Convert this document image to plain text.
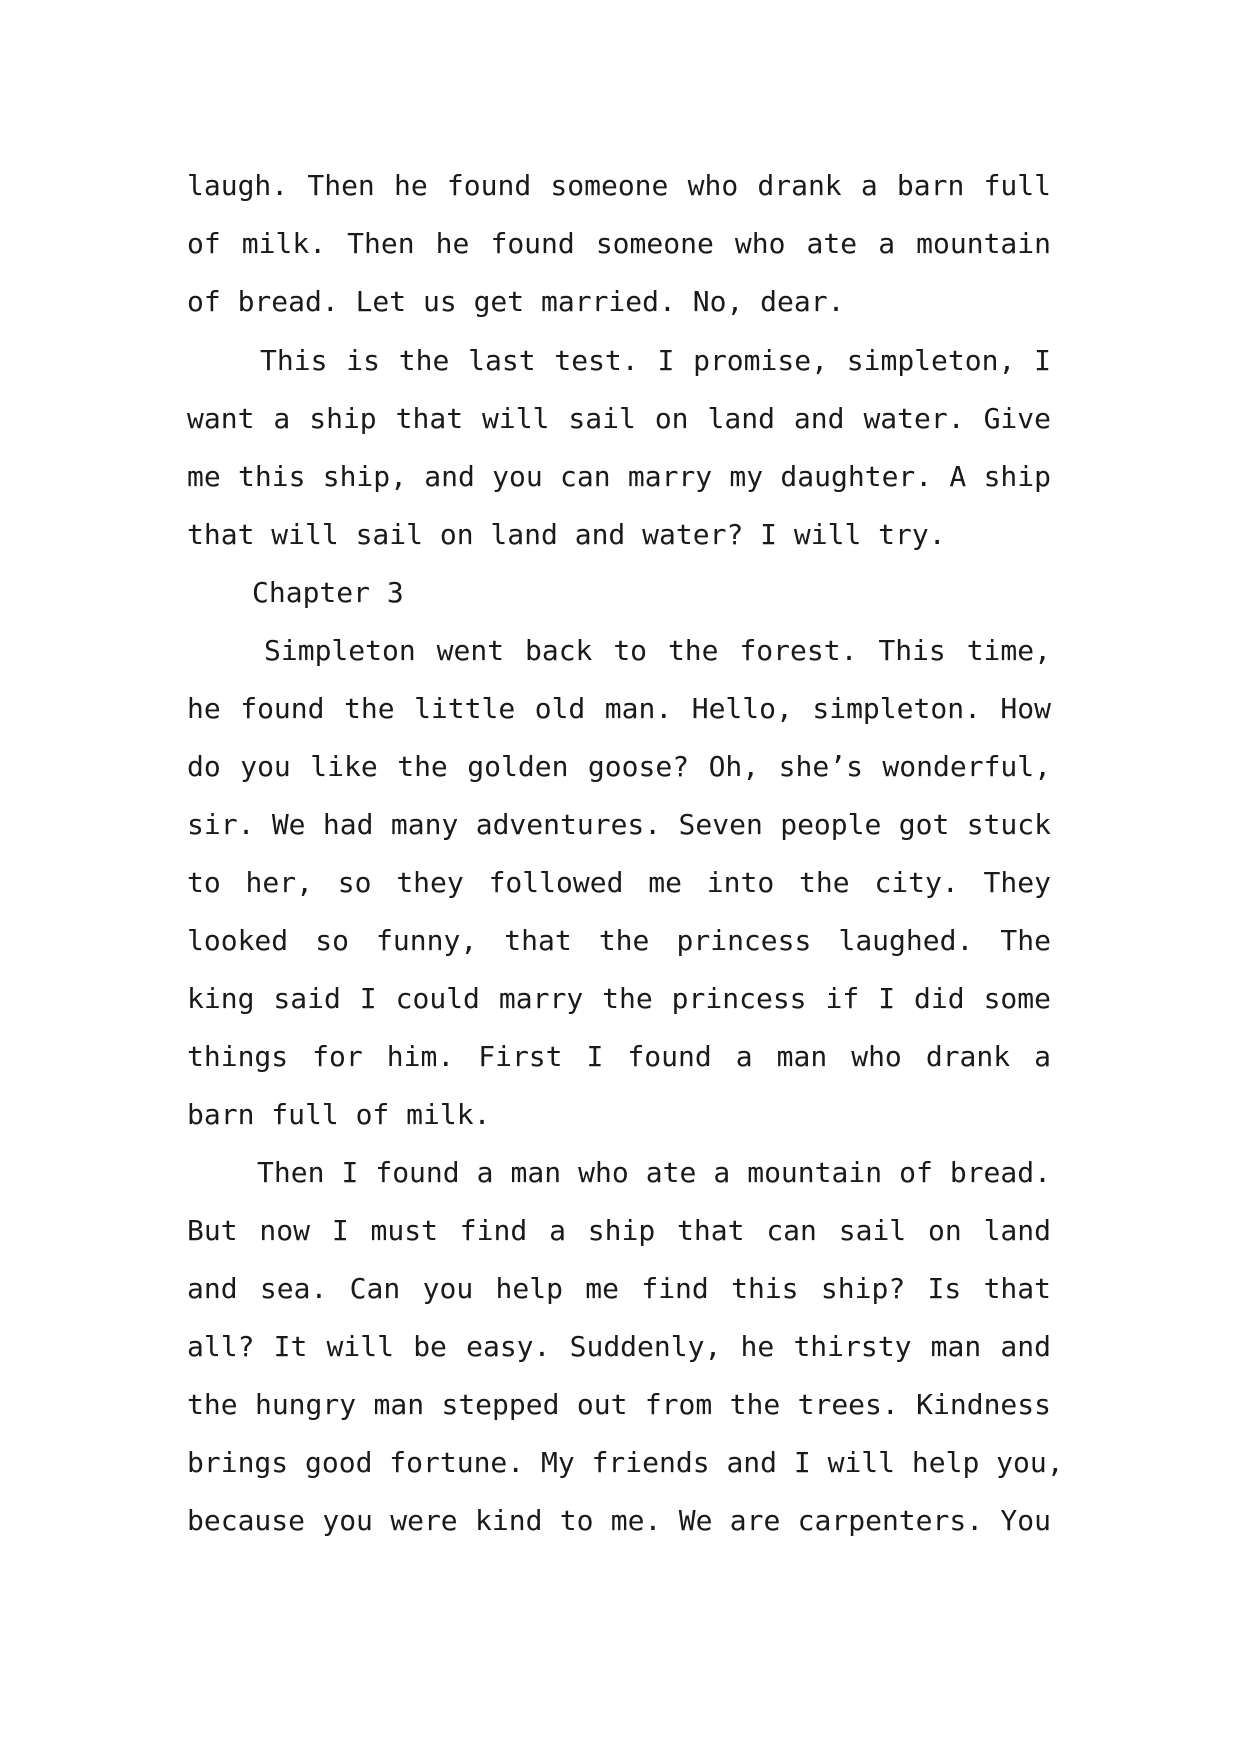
laugh. Then he found someone who drank a barn full
of milk. Then he found someone who ate a mountain
of bread. Let us get married. No, dear.
This is the last test. I promise, simpleton, I
want a ship that will sail on land and water. Give
me this ship, and you can marry my daughter. A ship
that will sail on land and water? I will try.
Chapter 3
Simpleton went back to the forest. This time,
he found the little old man. Hello, simpleton. How
do you like the golden goose? Oh, she’s wonderful,
sir. We had many adventures. Seven people got stuck
to her, so they followed me into the city. They
looked so funny, that the princess laughed. The
king said I could marry the princess if I did some
things for him. First I found a man who drank a
barn full of milk.
Then I found a man who ate a mountain of bread.
But now I must find a ship that can sail on land
and sea. Can you help me find this ship? Is that
all? It will be easy. Suddenly, he thirsty man and
the hungry man stepped out from the trees. Kindness
brings good fortune. My friends and I will help you,
because you were kind to me. We are carpenters. You
